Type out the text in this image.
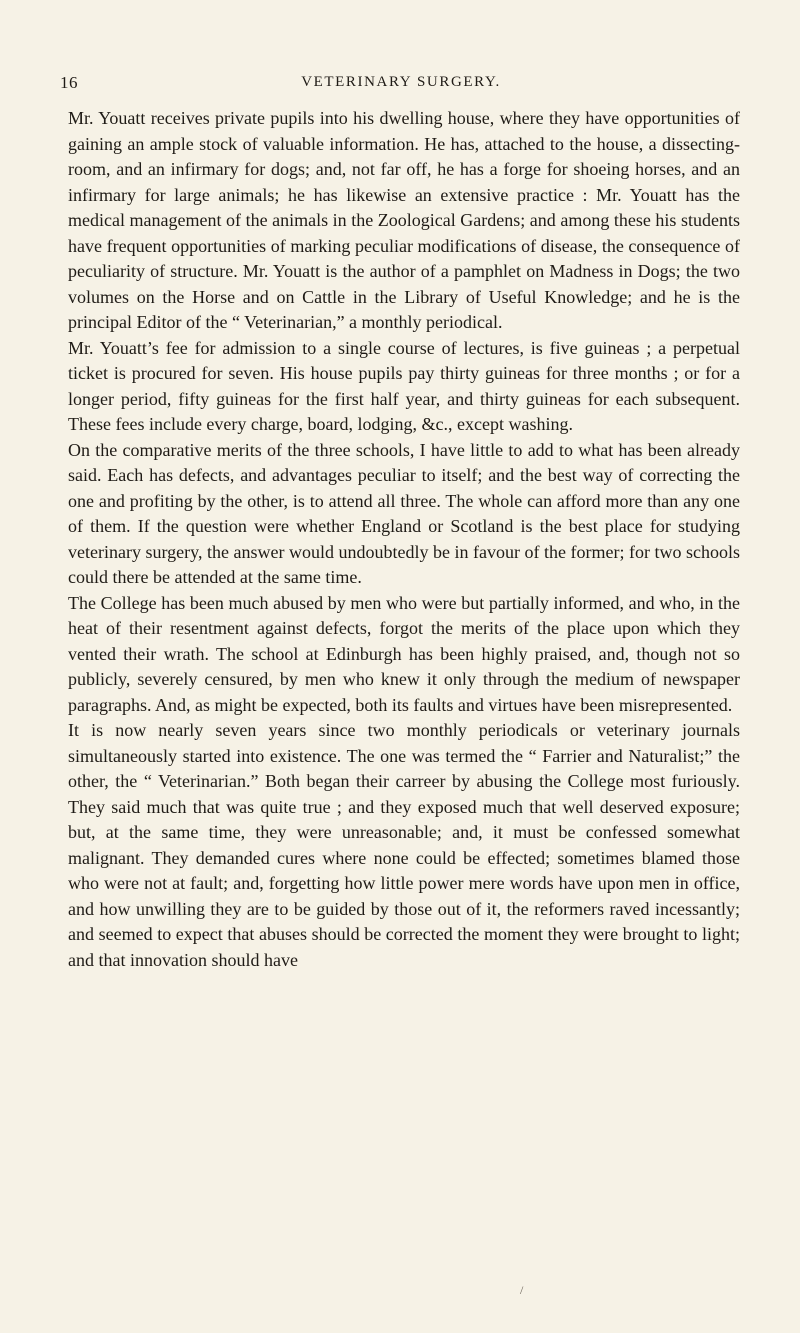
16	VETERINARY SURGERY.

Mr. Youatt receives private pupils into his dwelling house, where they have opportunities of gaining an ample stock of valuable information. He has, attached to the house, a dissecting-room, and an infirmary for dogs; and, not far off, he has a forge for shoeing horses, and an infirmary for large animals; he has likewise an extensive practice : Mr. Youatt has the medical management of the animals in the Zoological Gardens; and among these his students have frequent opportunities of marking peculiar modifications of disease, the consequence of peculiarity of structure. Mr. Youatt is the author of a pamphlet on Madness in Dogs; the two volumes on the Horse and on Cattle in the Library of Useful Knowledge; and he is the principal Editor of the “ Veterinarian,” a monthly periodical.

Mr. Youatt’s fee for admission to a single course of lectures, is five guineas ; a perpetual ticket is procured for seven. His house pupils pay thirty guineas for three months ; or for a longer period, fifty guineas for the first half year, and thirty guineas for each subsequent. These fees include every charge, board, lodging, &c., except washing.

On the comparative merits of the three schools, I have little to add to what has been already said. Each has defects, and advantages peculiar to itself; and the best way of correcting the one and profiting by the other, is to attend all three. The whole can afford more than any one of them. If the question were whether England or Scotland is the best place for studying veterinary surgery, the answer would undoubtedly be in favour of the former; for two schools could there be attended at the same time.

The College has been much abused by men who were but partially informed, and who, in the heat of their resentment against defects, forgot the merits of the place upon which they vented their wrath. The school at Edinburgh has been highly praised, and, though not so publicly, severely censured, by men who knew it only through the medium of newspaper paragraphs. And, as might be expected, both its faults and virtues have been misrepresented.

It is now nearly seven years since two monthly periodicals or veterinary journals simultaneously started into existence. The one was termed the “ Farrier and Naturalist;” the other, the “ Veterinarian.” Both began their carreer by abusing the College most furiously. They said much that was quite true ; and they exposed much that well deserved exposure; but, at the same time, they were unreasonable; and, it must be confessed somewhat malignant. They demanded cures where none could be effected; sometimes blamed those who were not at fault; and, forgetting how little power mere words have upon men in office, and how unwilling they are to be guided by those out of it, the reformers raved incessantly; and seemed to expect that abuses should be corrected the moment they were brought to light; and that innovation should have

/
